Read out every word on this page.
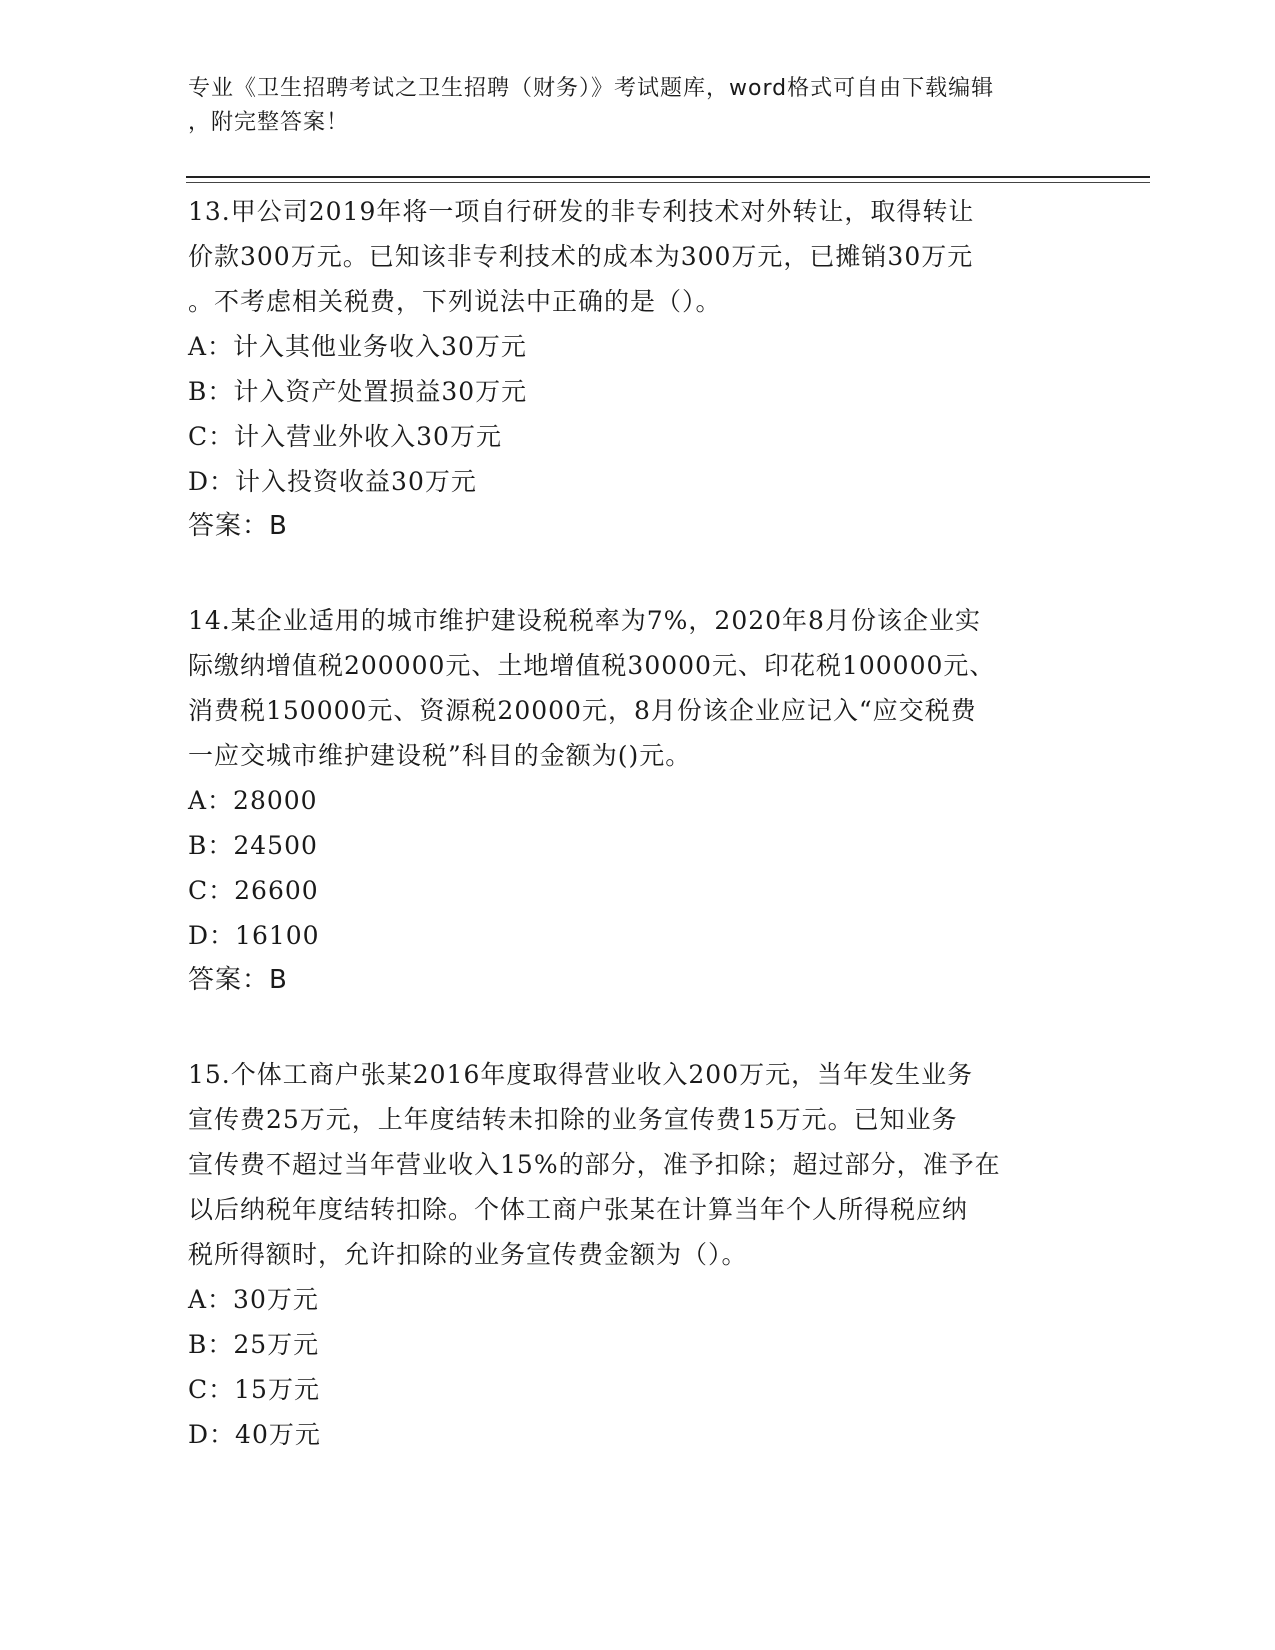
专业《卫生招聘考试之卫生招聘（财务）》考试题库，word格式可自由下载编辑
，附完整答案！
13.甲公司2019年将一项自行研发的非专利技术对外转让，取得转让
价款300万元。已知该非专利技术的成本为300万元，已摊销30万元
。不考虑相关税费，下列说法中正确的是（）。
A：计入其他业务收入30万元
B：计入资产处置损益30万元
C：计入营业外收入30万元
D：计入投资收益30万元
答案：B
14.某企业适用的城市维护建设税税率为7%，2020年8月份该企业实
际缴纳增值税200000元、土地增值税30000元、印花税100000元、
消费税150000元、资源税20000元，8月份该企业应记入“应交税费
一应交城市维护建设税”科目的金额为()元。
A：28000
B：24500
C：26600
D：16100
答案：B
15.个体工商户张某2016年度取得营业收入200万元，当年发生业务
宣传费25万元，上年度结转未扣除的业务宣传费15万元。已知业务
宣传费不超过当年营业收入15%的部分，准予扣除；超过部分，准予在
以后纳税年度结转扣除。个体工商户张某在计算当年个人所得税应纳
税所得额时，允许扣除的业务宣传费金额为（）。
A：30万元
B：25万元
C：15万元
D：40万元
